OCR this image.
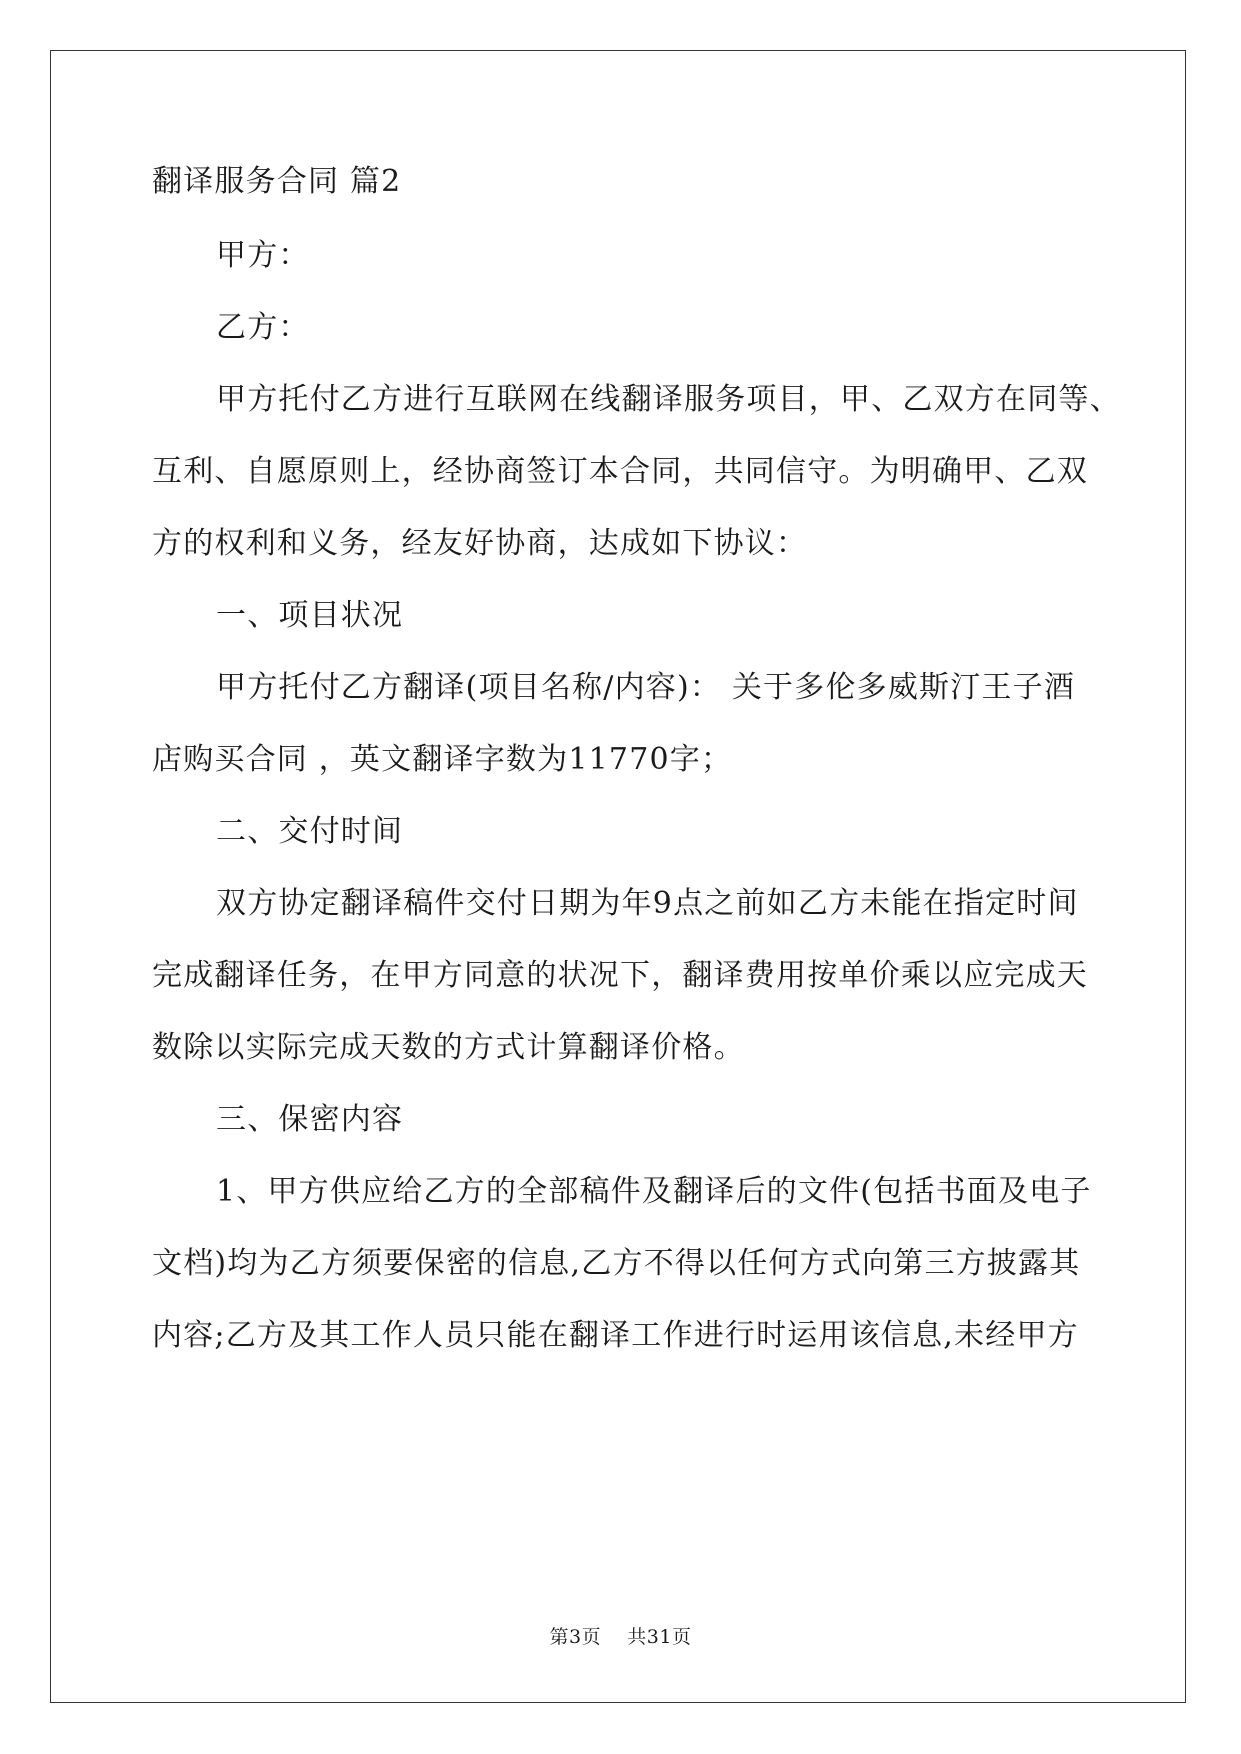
翻译服务合同 篇2
甲方：
乙方：
甲方托付乙方进行互联网在线翻译服务项目，甲、乙双方在同等、
互利、自愿原则上，经协商签订本合同，共同信守。为明确甲、乙双
方的权利和义务，经友好协商，达成如下协议：
一、项目状况
甲方托付乙方翻译(项目名称/内容)： 关于多伦多威斯汀王子酒
店购买合同 ，英文翻译字数为11770字；
二、交付时间
双方协定翻译稿件交付日期为年9点之前如乙方未能在指定时间
完成翻译任务，在甲方同意的状况下，翻译费用按单价乘以应完成天
数除以实际完成天数的方式计算翻译价格。
三、保密内容
1、甲方供应给乙方的全部稿件及翻译后的文件(包括书面及电子
文档)均为乙方须要保密的信息,乙方不得以任何方式向第三方披露其
内容;乙方及其工作人员只能在翻译工作进行时运用该信息,未经甲方
第3页 共31页
